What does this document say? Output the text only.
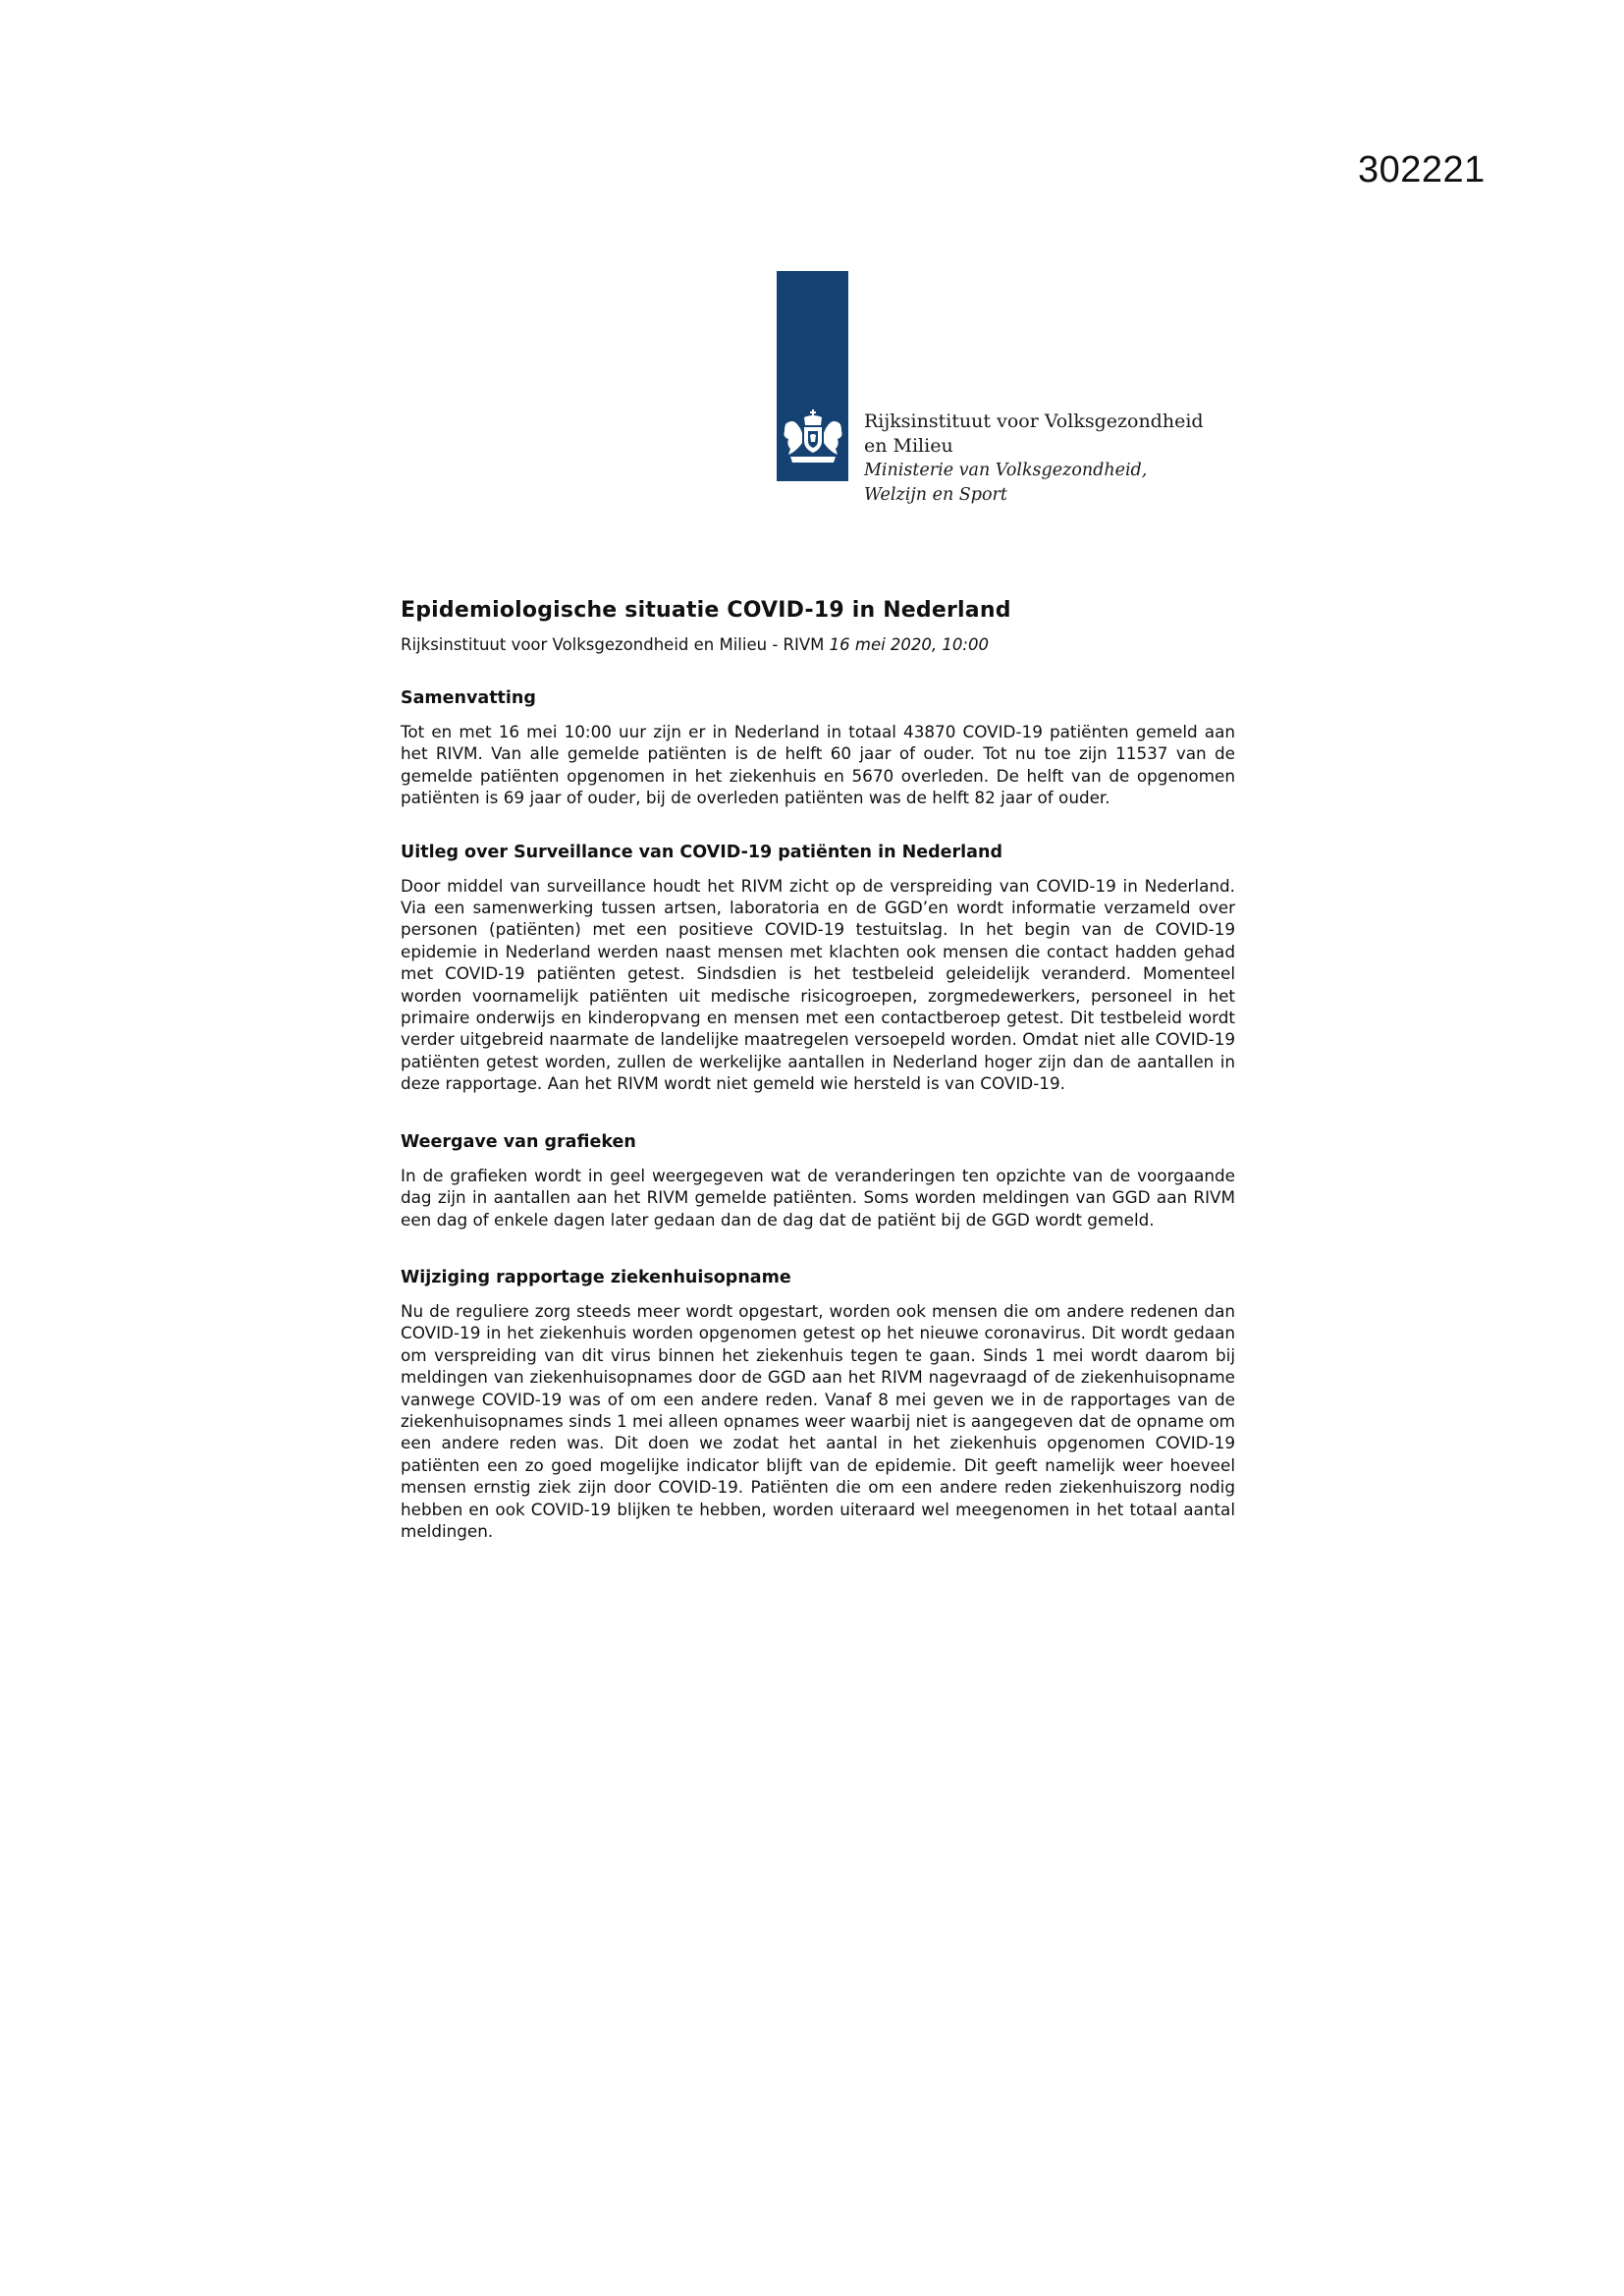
302221
Rijksinstituut voor Volksgezondheid
en Milieu
Ministerie van Volksgezondheid,
Welzijn en Sport
Epidemiologische situatie COVID-19 in Nederland

Rijksinstituut voor Volksgezondheid en Milieu - RIVM 16 mei 2020, 10:00

Samenvatting

Tot en met 16 mei 10:00 uur zijn er in Nederland in totaal 43870 COVID-19 patiënten gemeld aan het RIVM. Van alle gemelde patiënten is de helft 60 jaar of ouder. Tot nu toe zijn 11537 van de gemelde patiënten opgenomen in het ziekenhuis en 5670 overleden. De helft van de opgenomen patiënten is 69 jaar of ouder, bij de overleden patiënten was de helft 82 jaar of ouder.

Uitleg over Surveillance van COVID-19 patiënten in Nederland

Door middel van surveillance houdt het RIVM zicht op de verspreiding van COVID-19 in Nederland. Via een samenwerking tussen artsen, laboratoria en de GGD’en wordt informatie verzameld over personen (patiënten) met een positieve COVID-19 testuitslag. In het begin van de COVID-19 epidemie in Nederland werden naast mensen met klachten ook mensen die contact hadden gehad met COVID-19 patiënten getest. Sindsdien is het testbeleid geleidelijk veranderd. Momenteel worden voornamelijk patiënten uit medische risicogroepen, zorgmedewerkers, personeel in het primaire onderwijs en kinderopvang en mensen met een contactberoep getest. Dit testbeleid wordt verder uitgebreid naarmate de landelijke maatregelen versoepeld worden. Omdat niet alle COVID-19 patiënten getest worden, zullen de werkelijke aantallen in Nederland hoger zijn dan de aantallen in deze rapportage. Aan het RIVM wordt niet gemeld wie hersteld is van COVID-19.

Weergave van grafieken

In de grafieken wordt in geel weergegeven wat de veranderingen ten opzichte van de voorgaande dag zijn in aantallen aan het RIVM gemelde patiënten. Soms worden meldingen van GGD aan RIVM een dag of enkele dagen later gedaan dan de dag dat de patiënt bij de GGD wordt gemeld.

Wijziging rapportage ziekenhuisopname

Nu de reguliere zorg steeds meer wordt opgestart, worden ook mensen die om andere redenen dan COVID-19 in het ziekenhuis worden opgenomen getest op het nieuwe coronavirus. Dit wordt gedaan om verspreiding van dit virus binnen het ziekenhuis tegen te gaan. Sinds 1 mei wordt daarom bij meldingen van ziekenhuisopnames door de GGD aan het RIVM nagevraagd of de ziekenhuisopname vanwege COVID-19 was of om een andere reden. Vanaf 8 mei geven we in de rapportages van de ziekenhuisopnames sinds 1 mei alleen opnames weer waarbij niet is aangegeven dat de opname om een andere reden was. Dit doen we zodat het aantal in het ziekenhuis opgenomen COVID-19 patiënten een zo goed mogelijke indicator blijft van de epidemie. Dit geeft namelijk weer hoeveel mensen ernstig ziek zijn door COVID-19. Patiënten die om een andere reden ziekenhuiszorg nodig hebben en ook COVID-19 blijken te hebben, worden uiteraard wel meegenomen in het totaal aantal meldingen.
